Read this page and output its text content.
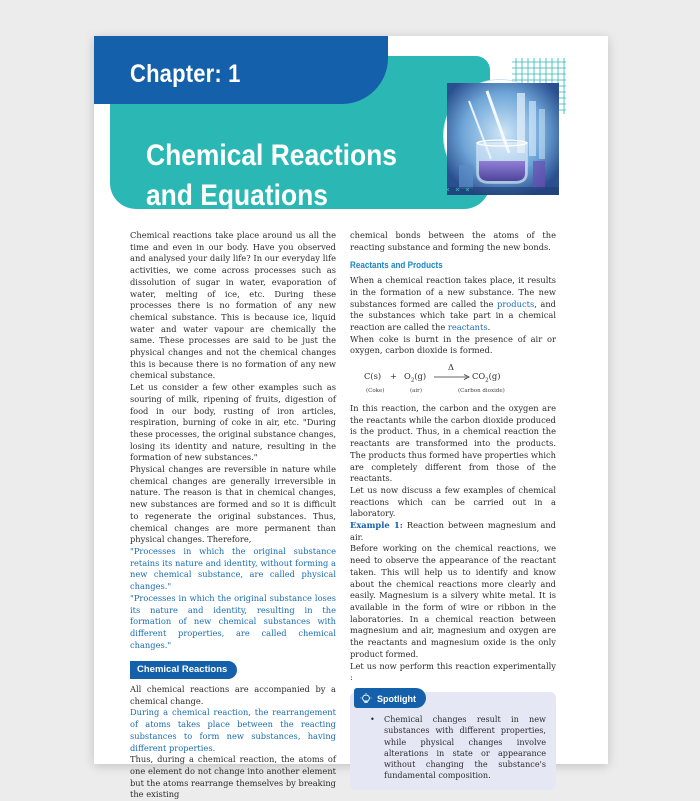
Chemical Reactions
and Equations
Chapter: 1

Chemical reactions take place around us all the time and even in our body. Have you observed and analysed your daily life? In our everyday life activities, we come across processes such as dissolution of sugar in water, evaporation of water, melting of ice, etc. During these processes there is no formation of any new chemical substance. This is because ice, liquid water and water vapour are chemically the same. These processes are said to be just the physical changes and not the chemical changes this is because there is no formation of any new chemical substance.

Let us consider a few other examples such as souring of milk, ripening of fruits, digestion of food in our body, rusting of iron articles, respiration, burning of coke in air, etc. "During these processes, the original substance changes, losing its identity and nature, resulting in the formation of new substances."

Physical changes are reversible in nature while chemical changes are generally irreversible in nature. The reason is that in chemical changes, new substances are formed and so it is difficult to regenerate the original substances. Thus, chemical changes are more permanent than physical changes. Therefore,

"Processes in which the original substance retains its nature and identity, without forming a new chemical substance, are called physical changes."

"Processes in which the original substance loses its nature and identity, resulting in the formation of new chemical substances with different properties, are called chemical changes."

Chemical Reactions

All chemical reactions are accompanied by a chemical change.

During a chemical reaction, the rearrangement of atoms takes place between the reacting substances to form new substances, having different properties.

Thus, during a chemical reaction, the atoms of one element do not change into another element but the atoms rearrange themselves by breaking the existing

chemical bonds between the atoms of the reacting substance and forming the new bonds.

Reactants and Products

When a chemical reaction takes place, it results in the formation of a new substance. The new substances formed are called the products, and the substances which take part in a chemical reaction are called the reactants.

When coke is burnt in the presence of air or oxygen, carbon dioxide is formed.

$C(s) + O_2(g)$
Δ
$CO_2(g)$
(Coke)	(air)	(Carbon dioxide)

In this reaction, the carbon and the oxygen are the reactants while the carbon dioxide produced is the product. Thus, in a chemical reaction the reactants are transformed into the products. The products thus formed have properties which are completely different from those of the reactants.

Let us now discuss a few examples of chemical reactions which can be carried out in a laboratory.

Example 1: Reaction between magnesium and air.

Before working on the chemical reactions, we need to observe the appearance of the reactant taken. This will help us to identify and know about the chemical reactions more clearly and easily. Magnesium is a silvery white metal. It is available in the form of wire or ribbon in the laboratories. In a chemical reaction between magnesium and air, magnesium and oxygen are the reactants and magnesium oxide is the only product formed.

Let us now perform this reaction experimentally :

Spotlight
• Chemical changes result in new substances with different properties, while physical changes involve alterations in state or appearance without changing the substance's fundamental composition.
